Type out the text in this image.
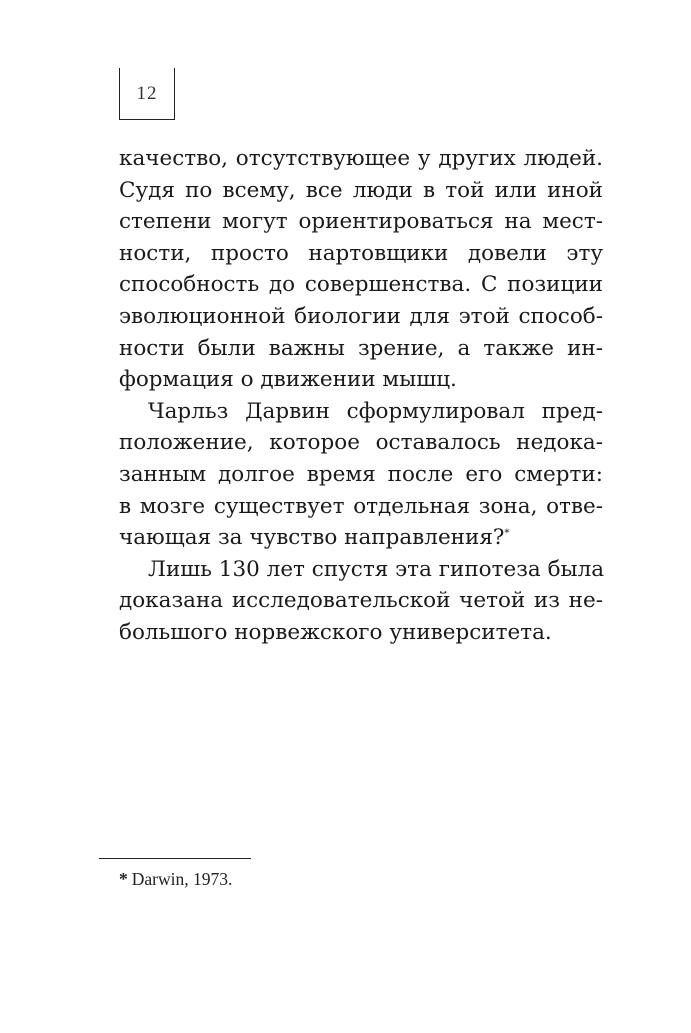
12
качество, отсутствующее у других людей.
Судя по всему, все люди в той или иной
степени могут ориентироваться на мест-
ности, просто нартовщики довели эту
способность до совершенства. С позиции
эволюционной биологии для этой способ-
ности были важны зрение, а также ин-
формация о движении мышц.
Чарльз Дарвин сформулировал пред-
положение, которое оставалось недока-
занным долгое время после его смерти:
в мозге существует отдельная зона, отве-
чающая за чувство направления?*
Лишь 130 лет спустя эта гипотеза была
доказана исследовательской четой из не-
большого норвежского университета.
* Darwin, 1973.
